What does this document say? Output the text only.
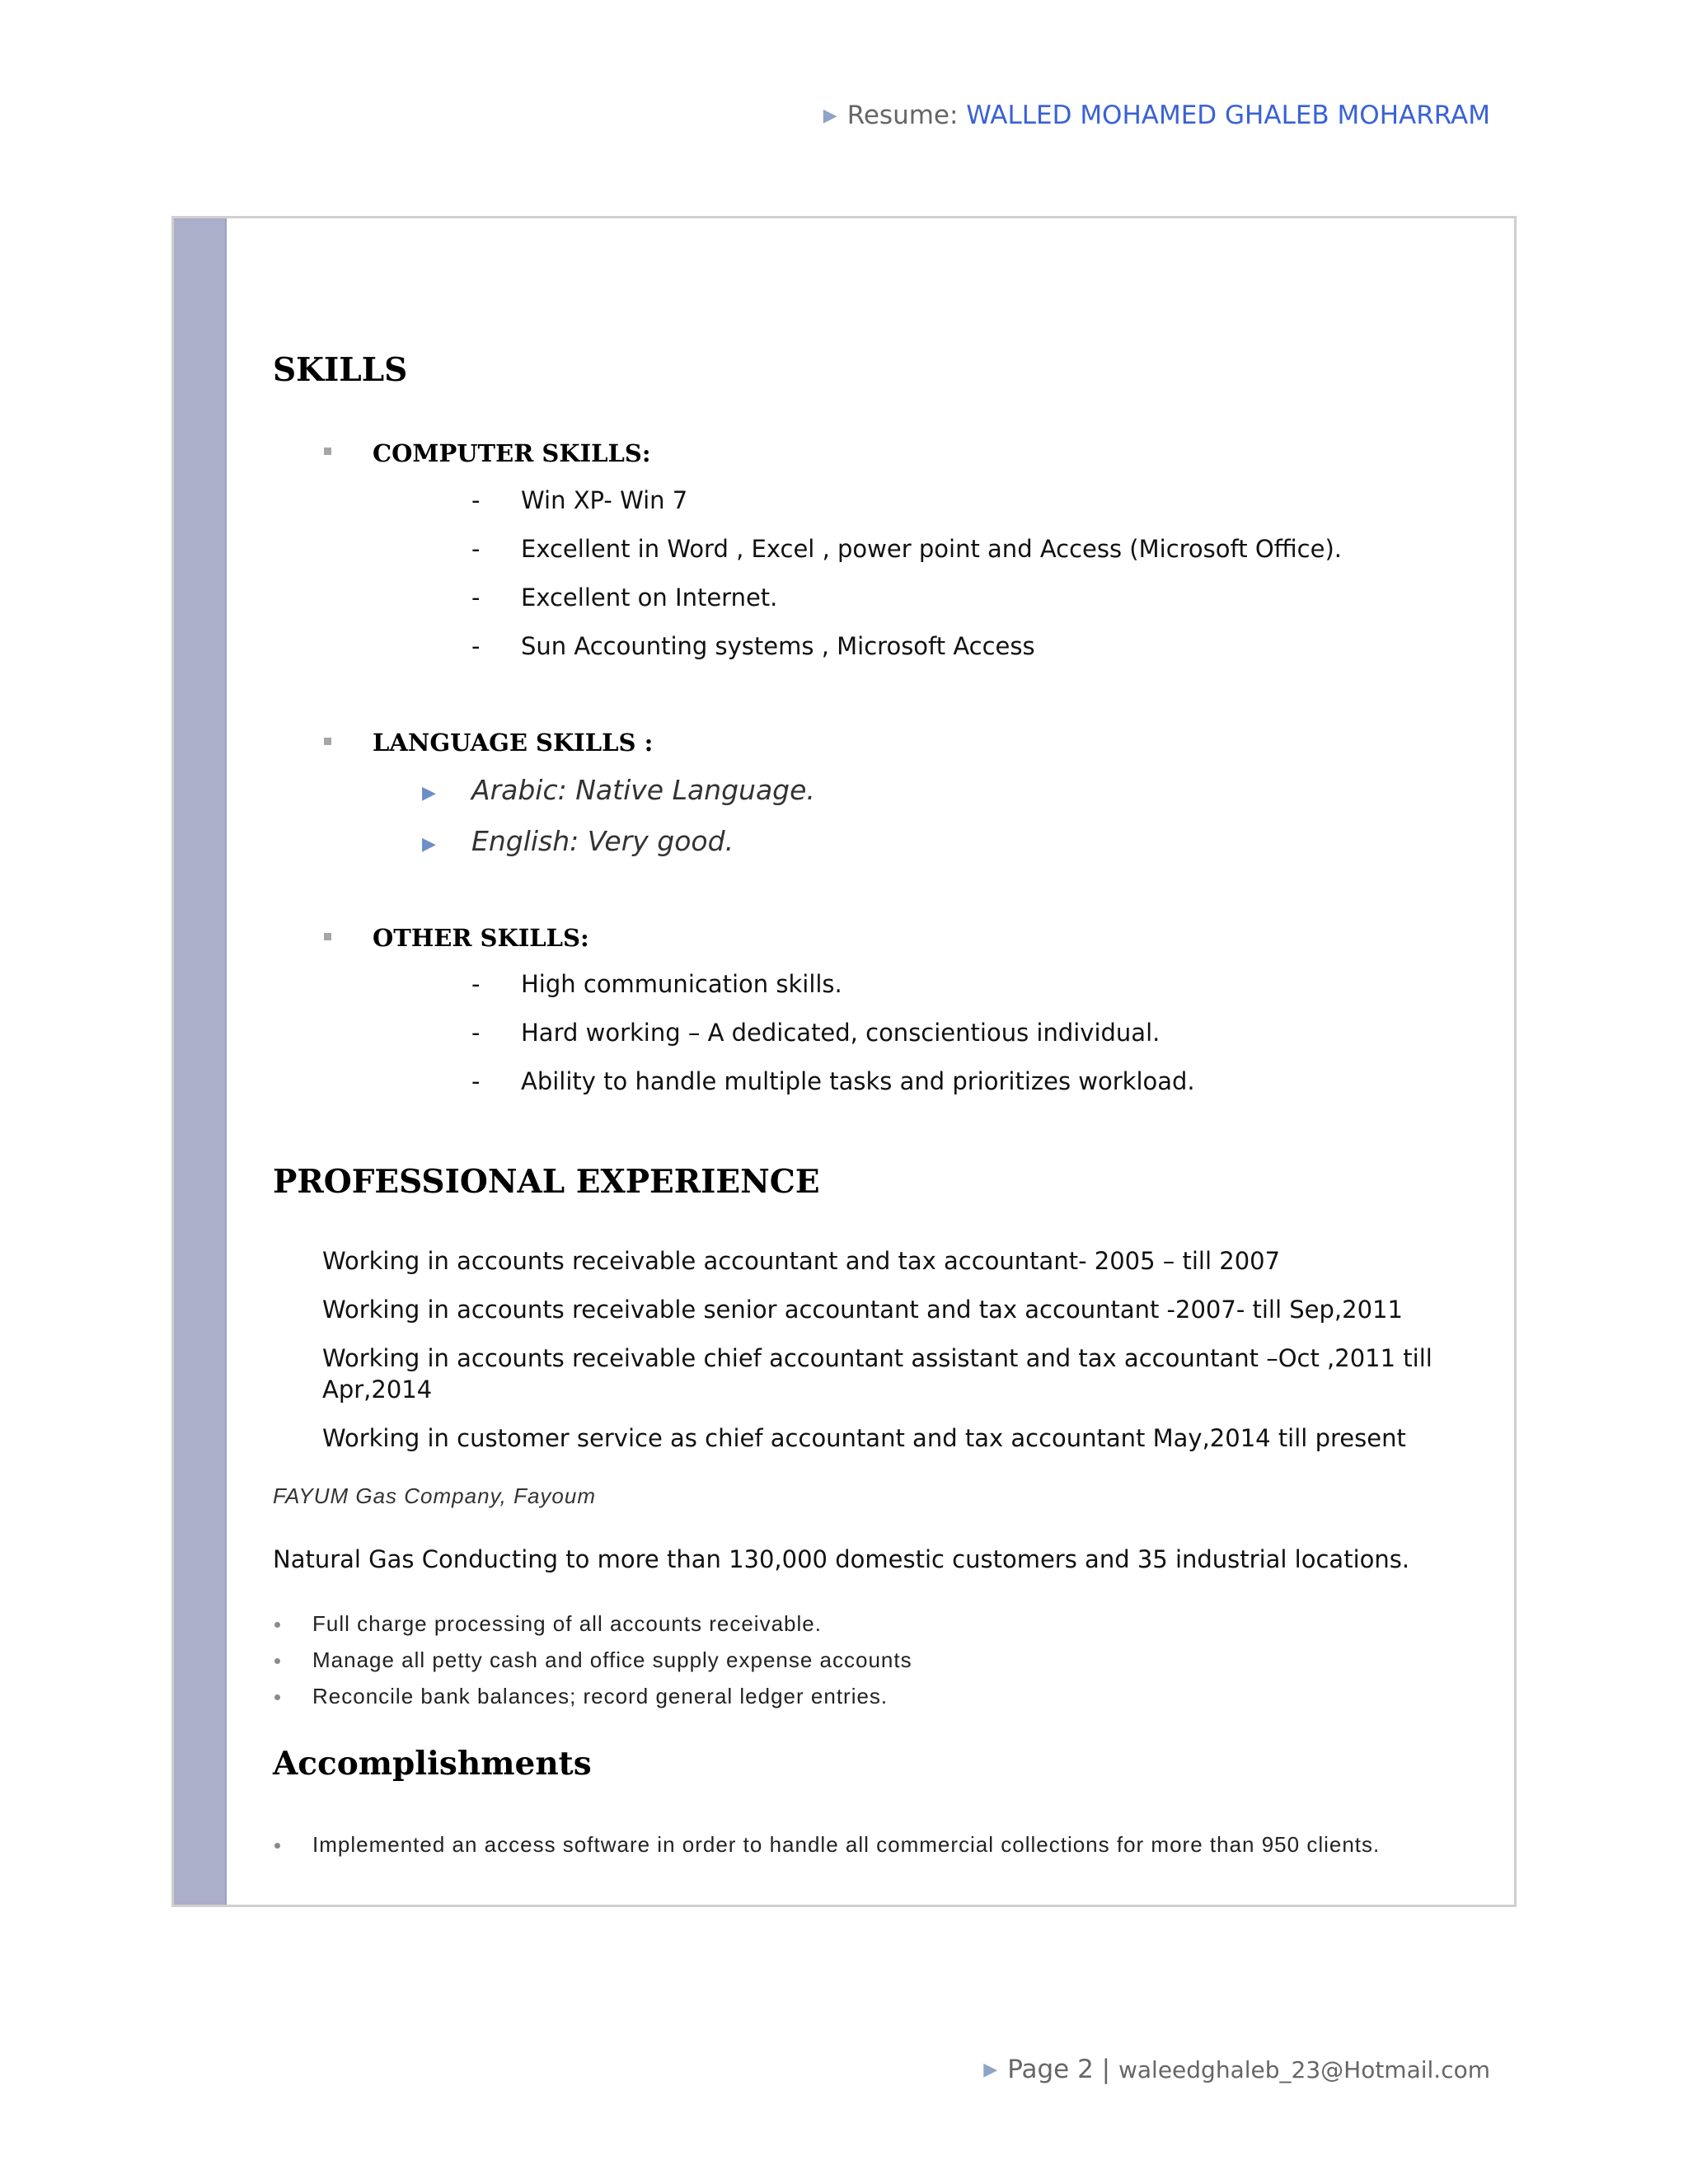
▶ Resume: WALLED MOHAMED GHALEB MOHARRAM
SKILLS
COMPUTER SKILLS:
- Win XP- Win 7
- Excellent in Word , Excel , power point and Access (Microsoft Office).
- Excellent on Internet.
- Sun Accounting systems , Microsoft Access
LANGUAGE SKILLS :
▶ Arabic: Native Language.
▶ English: Very good.
OTHER SKILLS:
- High communication skills.
- Hard working – A dedicated, conscientious individual.
- Ability to handle multiple tasks and prioritizes workload.
PROFESSIONAL EXPERIENCE
Working in accounts receivable accountant and tax accountant- 2005 – till 2007
Working in accounts receivable senior accountant and tax accountant -2007- till Sep,2011
Working in accounts receivable chief accountant assistant and tax accountant –Oct ,2011 till
Apr,2014
Working in customer service as chief accountant and tax accountant May,2014 till present
FAYUM Gas Company, Fayoum
Natural Gas Conducting to more than 130,000 domestic customers and 35 industrial locations.
Full charge processing of all accounts receivable.
Manage all petty cash and office supply expense accounts
Reconcile bank balances; record general ledger entries.
Accomplishments
Implemented an access software in order to handle all commercial collections for more than 950 clients.
▶ Page 2 | waleedghaleb_23@Hotmail.com
